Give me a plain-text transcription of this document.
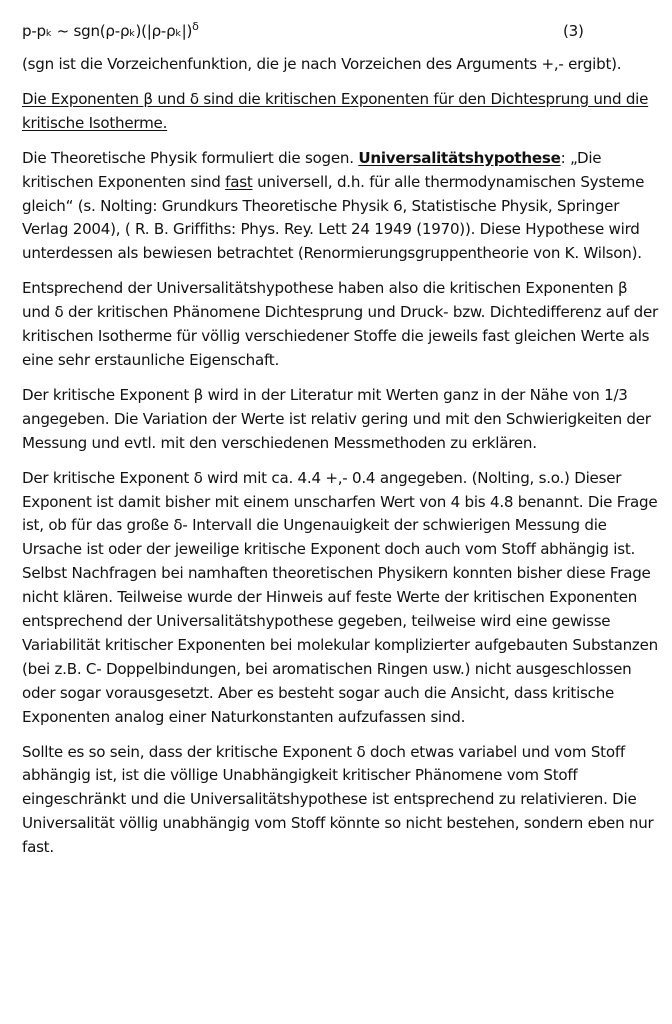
p-pₖ ~ $sgn(\rho-\rho_k)(|\rho-\rho_k|)^\delta$	(3)

(sgn ist die Vorzeichenfunktion, die je nach Vorzeichen des Arguments +,- ergibt).

Die Exponenten β und δ sind die kritischen Exponenten für den Dichtesprung und die kritische Isotherme.

Die Theoretische Physik formuliert die sogen. Universalitätshypothese: „Die kritischen Exponenten sind fast universell, d.h. für alle thermodynamischen Systeme gleich“ (s. Nolting: Grundkurs Theoretische Physik 6, Statistische Physik, Springer Verlag 2004), ( R. B. Griffiths: Phys. Rey. Lett 24 1949 (1970)). Diese Hypothese wird unterdessen als bewiesen betrachtet (Renormierungsgruppentheorie von K. Wilson).

Entsprechend der Universalitätshypothese haben also die kritischen Exponenten β und δ der kritischen Phänomene Dichtesprung und Druck- bzw. Dichtedifferenz auf der kritischen Isotherme für völlig verschiedener Stoffe die jeweils fast gleichen Werte als eine sehr erstaunliche Eigenschaft.

Der kritische Exponent β wird in der Literatur mit Werten ganz in der Nähe von 1/3 angegeben. Die Variation der Werte ist relativ gering und mit den Schwierigkeiten der Messung und evtl. mit den verschiedenen Messmethoden zu erklären.

Der kritische Exponent δ wird mit ca. 4.4 +,- 0.4 angegeben. (Nolting, s.o.) Dieser Exponent ist damit bisher mit einem unscharfen Wert von 4 bis 4.8 benannt. Die Frage ist, ob für das große δ- Intervall die Ungenauigkeit der schwierigen Messung die Ursache ist oder der jeweilige kritische Exponent doch auch vom Stoff abhängig ist. Selbst Nachfragen bei namhaften theoretischen Physikern konnten bisher diese Frage nicht klären. Teilweise wurde der Hinweis auf feste Werte der kritischen Exponenten entsprechend der Universalitätshypothese gegeben, teilweise wird eine gewisse Variabilität kritischer Exponenten bei molekular komplizierter aufgebauten Substanzen (bei z.B. C- Doppelbindungen, bei aromatischen Ringen usw.) nicht ausgeschlossen oder sogar vorausgesetzt. Aber es besteht sogar auch die Ansicht, dass kritische Exponenten analog einer Naturkonstanten aufzufassen sind.

Sollte es so sein, dass der kritische Exponent δ doch etwas variabel und vom Stoff abhängig ist, ist die völlige Unabhängigkeit kritischer Phänomene vom Stoff eingeschränkt und die Universalitätshypothese ist entsprechend zu relativieren. Die Universalität völlig unabhängig vom Stoff könnte so nicht bestehen, sondern eben nur fast.
